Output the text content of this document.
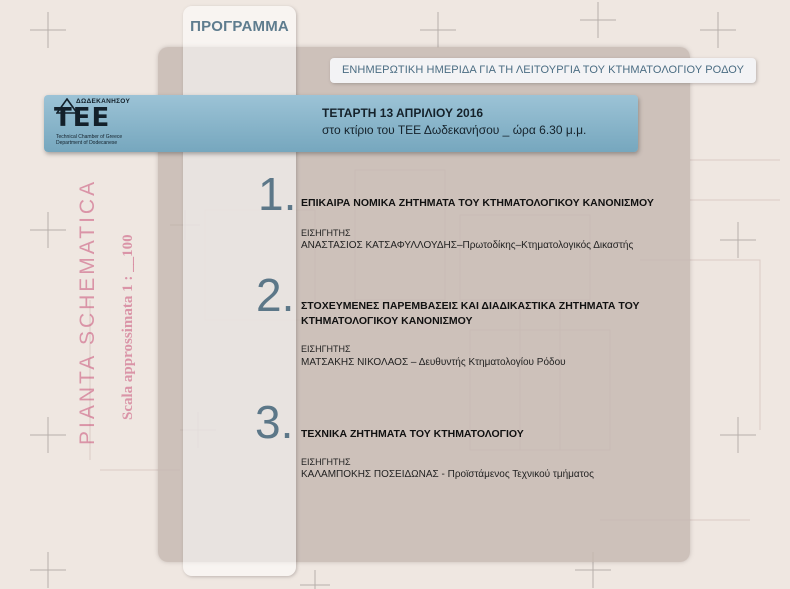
PIANTA SCHEMATICA Scala approssimata 1 : __100
ΠΡΟΓΡΑΜΜΑ
ΕΝΗΜΕΡΩΤΙΚΗ ΗΜΕΡΙΔΑ ΓΙΑ ΤΗ ΛΕΙΤΟΥΡΓΙΑ ΤΟΥ ΚΤΗΜΑΤΟΛΟΓΙΟΥ ΡΟΔΟΥ
ΔΩΔΕΚΑΝΗΣΟΥ
ΤΕΕ
Technical Chamber of Greece
Department of Dodecanese
ΤΕΤΑΡΤΗ 13 ΑΠΡΙΛΙΟΥ 2016
στο κτίριο του ΤΕΕ Δωδεκανήσου _ ώρα 6.30 μ.μ.
1. ΕΠΙΚΑΙΡΑ ΝΟΜΙΚΑ ΖΗΤΗΜΑΤΑ ΤΟΥ ΚΤΗΜΑΤΟΛΟΓΙΚΟΥ ΚΑΝΟΝΙΣΜΟΥ
ΕΙΣΗΓΗΤΗΣ
ΑΝΑΣΤΑΣΙΟΣ ΚΑΤΣΑΦΥΛΛΟΥΔΗΣ–Πρωτοδίκης–Κτηματολογικός Δικαστής
2. ΣΤΟΧΕΥΜΕΝΕΣ ΠΑΡΕΜΒΑΣΕΙΣ ΚΑΙ ΔΙΑΔΙΚΑΣΤΙΚΑ ΖΗΤΗΜΑΤΑ ΤΟΥ ΚΤΗΜΑΤΟΛΟΓΙΚΟΥ ΚΑΝΟΝΙΣΜΟΥ
ΕΙΣΗΓΗΤΗΣ
ΜΑΤΣΑΚΗΣ ΝΙΚΟΛΑΟΣ – Δευθυντής Κτηματολογίου Ρόδου
3. ΤΕΧΝΙΚΑ ΖΗΤΗΜΑΤΑ ΤΟΥ ΚΤΗΜΑΤΟΛΟΓΙΟΥ
ΕΙΣΗΓΗΤΗΣ
ΚΑΛΑΜΠΟΚΗΣ ΠΟΣΕΙΔΩΝΑΣ - Προϊστάμενος Τεχνικού τμήματος
